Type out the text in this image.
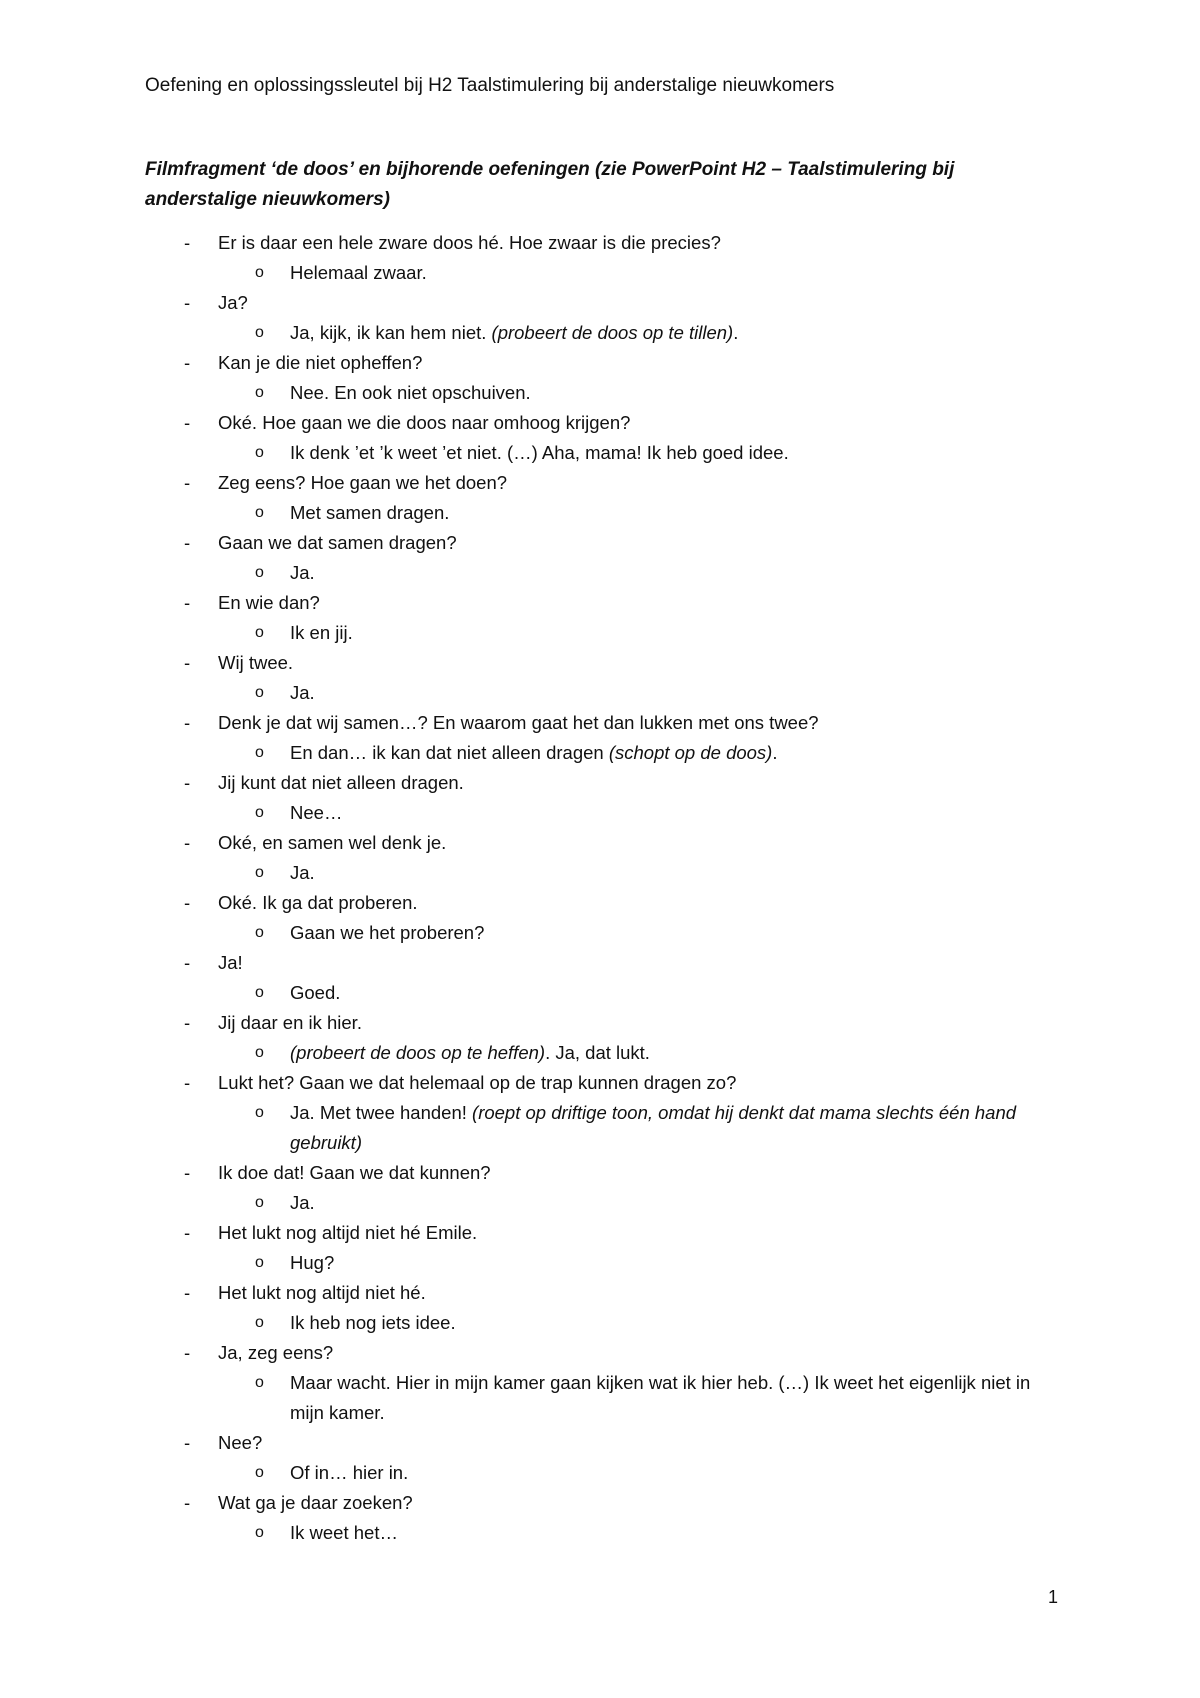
Oefening en oplossingssleutel bij H2 Taalstimulering bij anderstalige nieuwkomers
Filmfragment ‘de doos’ en bijhorende oefeningen (zie PowerPoint H2 – Taalstimulering bij anderstalige nieuwkomers)
- Er is daar een hele zware doos hé. Hoe zwaar is die precies?
o Helemaal zwaar.
- Ja?
o Ja, kijk, ik kan hem niet. (probeert de doos op te tillen).
- Kan je die niet opheffen?
o Nee. En ook niet opschuiven.
- Oké. Hoe gaan we die doos naar omhoog krijgen?
o Ik denk ’et ’k weet ’et niet. (…) Aha, mama! Ik heb goed idee.
- Zeg eens? Hoe gaan we het doen?
o Met samen dragen.
- Gaan we dat samen dragen?
o Ja.
- En wie dan?
o Ik en jij.
- Wij twee.
o Ja.
- Denk je dat wij samen…? En waarom gaat het dan lukken met ons twee?
o En dan… ik kan dat niet alleen dragen (schopt op de doos).
- Jij kunt dat niet alleen dragen.
o Nee…
- Oké, en samen wel denk je.
o Ja.
- Oké. Ik ga dat proberen.
o Gaan we het proberen?
- Ja!
o Goed.
- Jij daar en ik hier.
o (probeert de doos op te heffen). Ja, dat lukt.
- Lukt het? Gaan we dat helemaal op de trap kunnen dragen zo?
o Ja. Met twee handen! (roept op driftige toon, omdat hij denkt dat mama slechts één hand gebruikt)
- Ik doe dat! Gaan we dat kunnen?
o Ja.
- Het lukt nog altijd niet hé Emile.
o Hug?
- Het lukt nog altijd niet hé.
o Ik heb nog iets idee.
- Ja, zeg eens?
o Maar wacht. Hier in mijn kamer gaan kijken wat ik hier heb. (…) Ik weet het eigenlijk niet in mijn kamer.
- Nee?
o Of in… hier in.
- Wat ga je daar zoeken?
o Ik weet het…
1
